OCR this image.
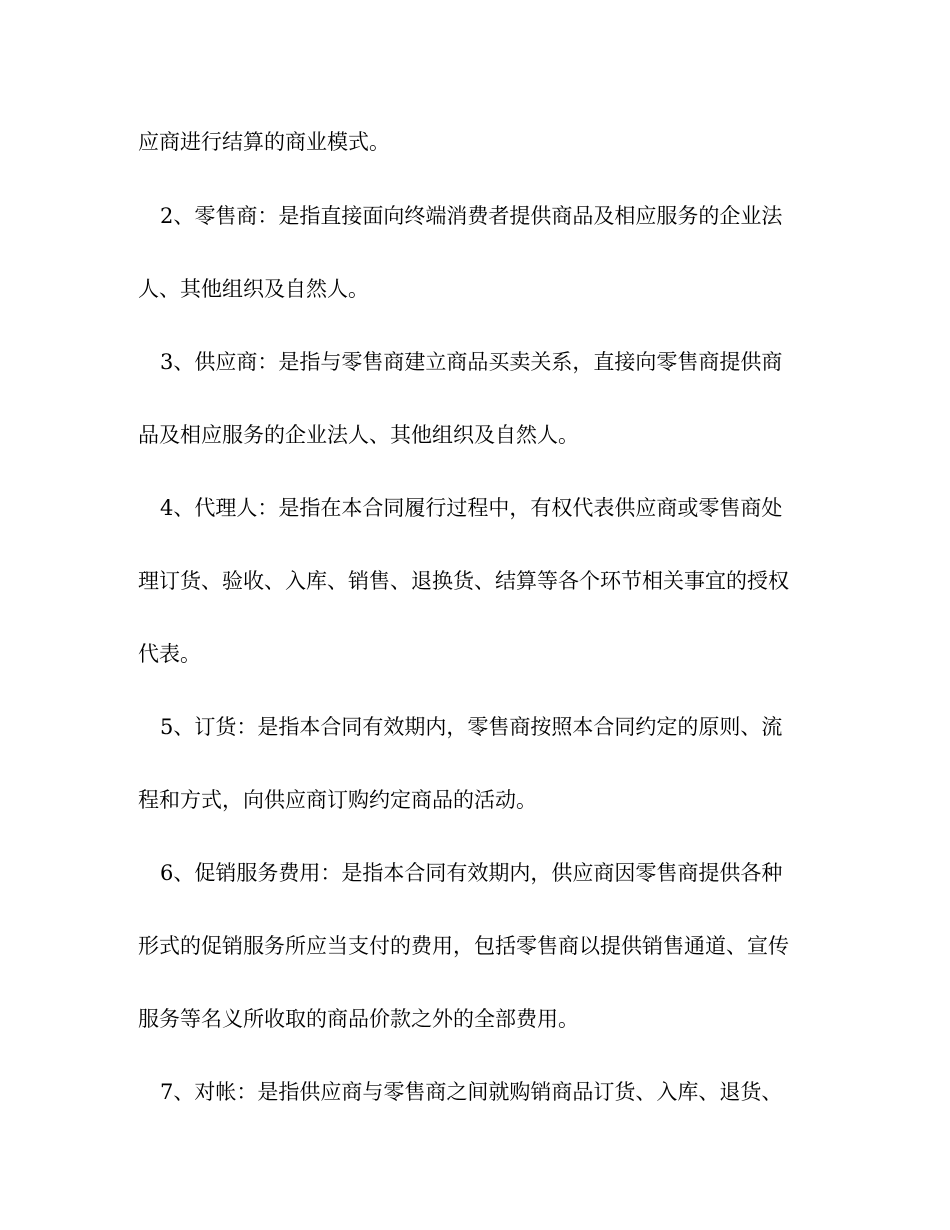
应商进行结算的商业模式。

2、零售商：是指直接面向终端消费者提供商品及相应服务的企业法

人、其他组织及自然人。

3、供应商：是指与零售商建立商品买卖关系，直接向零售商提供商

品及相应服务的企业法人、其他组织及自然人。

4、代理人：是指在本合同履行过程中，有权代表供应商或零售商处

理订货、验收、入库、销售、退换货、结算等各个环节相关事宜的授权

代表。

5、订货：是指本合同有效期内，零售商按照本合同约定的原则、流

程和方式，向供应商订购约定商品的活动。

6、促销服务费用：是指本合同有效期内，供应商因零售商提供各种

形式的促销服务所应当支付的费用，包括零售商以提供销售通道、宣传

服务等名义所收取的商品价款之外的全部费用。

7、对帐：是指供应商与零售商之间就购销商品订货、入库、退货、
